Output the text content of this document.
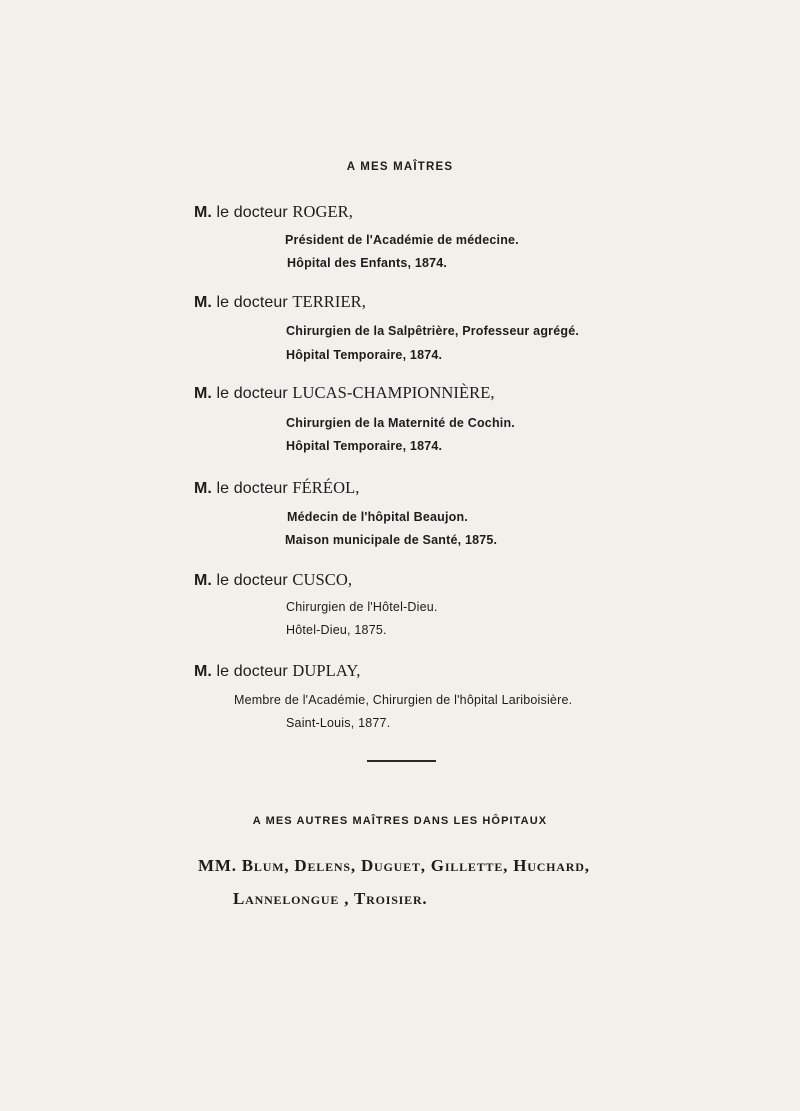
A MES MAÎTRES
M. le docteur ROGER,
Président de l'Académie de médecine.
Hôpital des Enfants, 1874.
M. le docteur TERRIER,
Chirurgien de la Salpêtrière, Professeur agrégé.
Hôpital Temporaire, 1874.
M. le docteur LUCAS-CHAMPIONNIÈRE,
Chirurgien de la Maternité de Cochin.
Hôpital Temporaire, 1874.
M. le docteur FÉRÉOL,
Médecin de l'hôpital Beaujon.
Maison municipale de Santé, 1875.
M. le docteur CUSCO,
Chirurgien de l'Hôtel-Dieu.
Hôtel-Dieu, 1875.
M. le docteur DUPLAY,
Membre de l'Académie, Chirurgien de l'hôpital Lariboisière.
Saint-Louis, 1877.
A MES AUTRES MAÎTRES DANS LES HÔPITAUX
MM. Blum, Delens, Duguet, Gillette, Huchard,
Lannelongue , Troisier.
